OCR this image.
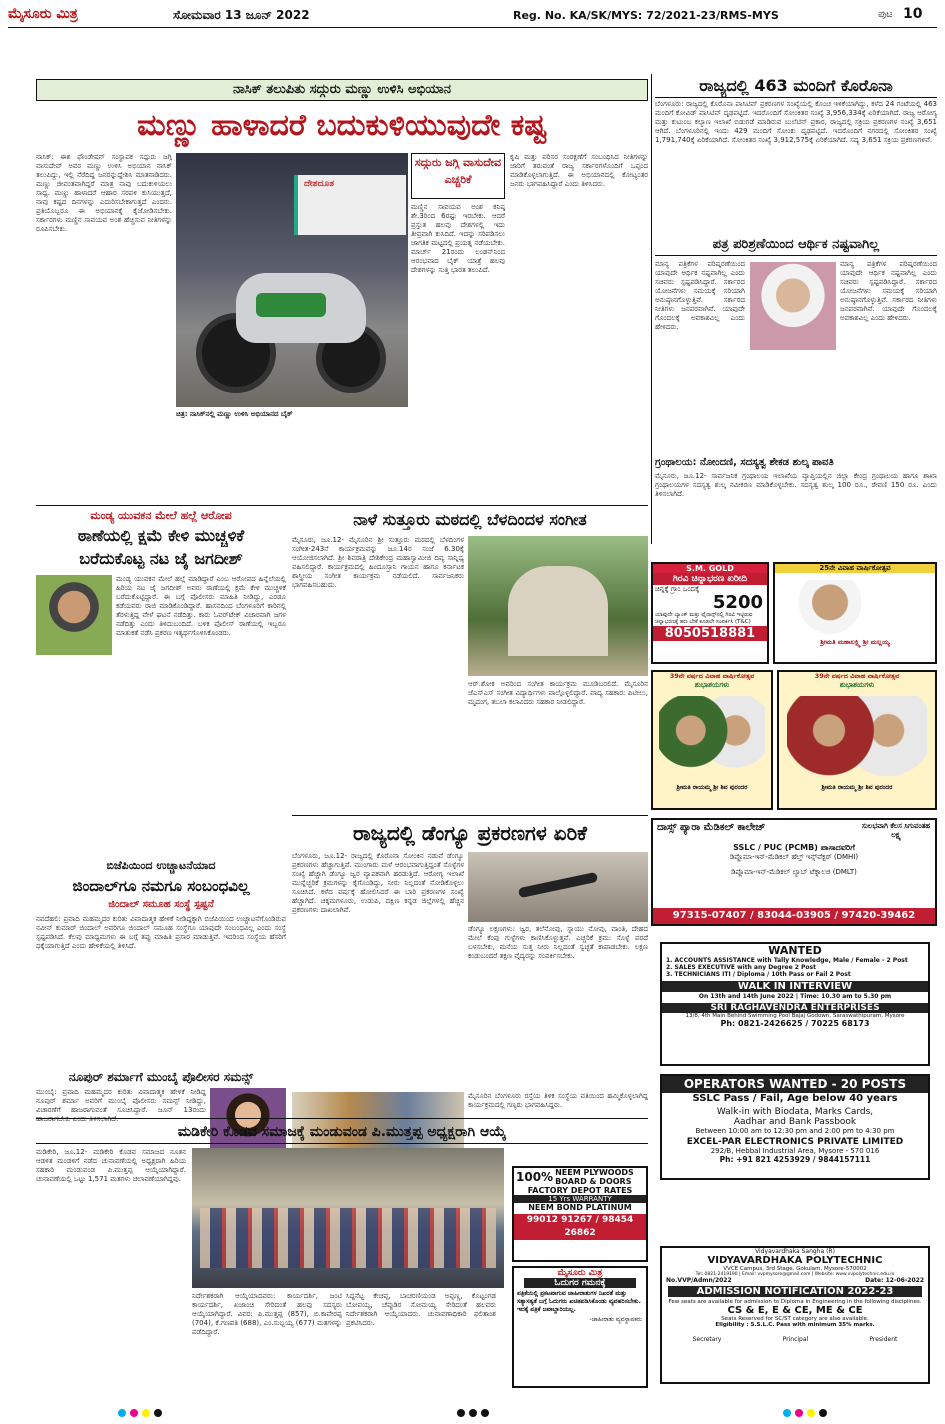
ಮೈಸೂರು ಮಿತ್ರ	ಸೋಮವಾರ 13 ಜೂನ್ 2022	Reg. No. KA/SK/MYS: 72/2021-23/RMS-MYS	ಪುಟ 10
ನಾಸಿಕ್ ತಲುಪಿತು ಸದ್ಗುರು ಮಣ್ಣು ಉಳಿಸಿ ಅಭಿಯಾನ
ಮಣ್ಣು ಹಾಳಾದರೆ ಬದುಕುಳಿಯುವುದೇ ಕಷ್ಟ
ನಾಸಿಕ್: ಈಶ ಫೌಂಡೇಷನ್ ಸಂಸ್ಥಾಪಕ ಸದ್ಗುರು ಜಗ್ಗಿ ವಾಸುದೇವ್ ಅವರ ಮಣ್ಣು ಉಳಿಸಿ ಅಭಿಯಾನ ನಾಸಿಕ್ ತಲುಪಿದ್ದು, ಇಲ್ಲಿ ನೆರೆದಿದ್ದ ಜನರನ್ನುದ್ದೇಶಿಸಿ ಮಾತನಾಡಿದರು. ಮಣ್ಣು ಜೀವಂತವಾಗಿದ್ದರೆ ಮಾತ್ರ ನಾವು ಬದುಕುಳಿಯಲು ಸಾಧ್ಯ. ಮಣ್ಣು ಹಾಳಾದರೆ ಆಹಾರ ಸರಪಳಿ ಕುಸಿಯುತ್ತದೆ, ನಾವು ಕಷ್ಟದ ದಿನಗಳನ್ನು ಎದುರಿಸಬೇಕಾಗುತ್ತದೆ ಎಂದರು. ಪ್ರತಿಯೊಬ್ಬರೂ ಈ ಅಭಿಯಾನಕ್ಕೆ ಕೈಜೋಡಿಸಬೇಕು. ಸರ್ಕಾರಗಳು ಮಣ್ಣಿನ ಸಾವಯವ ಅಂಶ ಹೆಚ್ಚಿಸುವ ನೀತಿಗಳನ್ನು ರೂಪಿಸಬೇಕು.
ದೇಶದೂತ
ಸದ್ಗುರು ಜಗ್ಗಿ ವಾಸುದೇವ ಎಚ್ಚರಿಕೆ
ಮಣ್ಣಿನ ಸಾವಯವ ಅಂಶ ಕನಿಷ್ಠ ಶೇ.3ರಿಂದ 6ರಷ್ಟು ಇರಬೇಕು. ಆದರೆ ಪ್ರಸ್ತುತ ಹಲವು ದೇಶಗಳಲ್ಲಿ ಇದು ತೀವ್ರವಾಗಿ ಕುಸಿದಿದೆ. ಇದನ್ನು ಸರಿಪಡಿಸಲು ಜಾಗತಿಕ ಮಟ್ಟದಲ್ಲಿ ಪ್ರಯತ್ನ ನಡೆಯಬೇಕು. ಮಾರ್ಚ್ 21ರಂದು ಲಂಡನ್‌ನಿಂದ ಆರಂಭವಾದ ಬೈಕ್ ಯಾತ್ರೆ ಹಲವು ದೇಶಗಳನ್ನು ಸುತ್ತಿ ಭಾರತ ತಲುಪಿದೆ.
ಕೃಷಿ ಮತ್ತು ಪರಿಸರ ಸಂರಕ್ಷಣೆಗೆ ಸಂಬಂಧಿಸಿದ ನೀತಿಗಳನ್ನು ಜಾರಿಗೆ ತರುವಂತೆ ರಾಜ್ಯ ಸರ್ಕಾರಗಳೊಂದಿಗೆ ಒಪ್ಪಂದ ಮಾಡಿಕೊಳ್ಳಲಾಗುತ್ತಿದೆ. ಈ ಅಭಿಯಾನದಲ್ಲಿ ಕೋಟ್ಯಂತರ ಜನರು ಭಾಗವಹಿಸಿದ್ದಾರೆ ಎಂದು ತಿಳಿಸಿದರು.
ಚಿತ್ರ: ನಾಸಿಕ್‌ನಲ್ಲಿ ಮಣ್ಣು ಉಳಿಸಿ ಅಭಿಯಾನದ ಬೈಕ್
ರಾಜ್ಯದಲ್ಲಿ 463 ಮಂದಿಗೆ ಕೊರೊನಾ
ಬೆಂಗಳೂರು: ರಾಜ್ಯದಲ್ಲಿ ಕೊರೊನಾ ಪಾಸಿಟಿವ್ ಪ್ರಕರಣಗಳ ಸಂಖ್ಯೆಯಲ್ಲಿ ಕೊಂಚ ಇಳಿಕೆಯಾಗಿದ್ದು, ಕಳೆದ 24 ಗಂಟೆಯಲ್ಲಿ 463 ಮಂದಿಗೆ ಕೋವಿಡ್ ಪಾಸಿಟಿವ್ ದೃಢಪಟ್ಟಿದೆ. ಇದರೊಂದಿಗೆ ಸೋಂಕಿತರ ಸಂಖ್ಯೆ 3,956,334ಕ್ಕೆ ಏರಿಕೆಯಾಗಿದೆ. ರಾಜ್ಯ ಆರೋಗ್ಯ ಮತ್ತು ಕುಟುಂಬ ಕಲ್ಯಾಣ ಇಲಾಖೆ ಬಿಡುಗಡೆ ಮಾಡಿರುವ ಬುಲೆಟಿನ್ ಪ್ರಕಾರ, ರಾಜ್ಯದಲ್ಲಿ ಸಕ್ರಿಯ ಪ್ರಕರಣಗಳ ಸಂಖ್ಯೆ 3,651 ಆಗಿದೆ. ಬೆಂಗಳೂರಿನಲ್ಲಿ ಇಂದು 429 ಮಂದಿಗೆ ಸೋಂಕು ದೃಢಪಟ್ಟಿದೆ. ಇದರೊಂದಿಗೆ ನಗರದಲ್ಲಿ ಸೋಂಕಿತರ ಸಂಖ್ಯೆ 1,791,740ಕ್ಕೆ ಏರಿಕೆಯಾಗಿದೆ. ಸೋಂಕಿತರ ಸಂಖ್ಯೆ 3,912,575ಕ್ಕೆ ಏರಿಕೆಯಾಗಿದೆ. ಸದ್ಯ 3,651 ಸಕ್ರಿಯ ಪ್ರಕರಣಗಳಿವೆ.
ಪತ್ರ ಪರಿಶ್ರಣೆಯಿಂದ ಆರ್ಥಿಕ ನಷ್ಟವಾಗಿಲ್ಲ
ಮಾನ್ಯ ಪತ್ರಿಕೆಗಳ ಪರಿಷ್ಕರಣೆಯಿಂದ ಯಾವುದೇ ಆರ್ಥಿಕ ನಷ್ಟವಾಗಿಲ್ಲ ಎಂದು ಸಚಿವರು ಸ್ಪಷ್ಟಪಡಿಸಿದ್ದಾರೆ. ಸರ್ಕಾರದ ಯೋಜನೆಗಳು ಸಮಯಕ್ಕೆ ಸರಿಯಾಗಿ ಅನುಷ್ಠಾನಗೊಳ್ಳುತ್ತಿವೆ. ಸರ್ಕಾರದ ನೀತಿಗಳು ಜನಪರವಾಗಿವೆ. ಯಾವುದೇ ಗೊಂದಲಕ್ಕೆ ಅವಕಾಶವಿಲ್ಲ ಎಂದು ಹೇಳಿದರು.
ಮಾನ್ಯ ಪತ್ರಿಕೆಗಳ ಪರಿಷ್ಕರಣೆಯಿಂದ ಯಾವುದೇ ಆರ್ಥಿಕ ನಷ್ಟವಾಗಿಲ್ಲ ಎಂದು ಸಚಿವರು ಸ್ಪಷ್ಟಪಡಿಸಿದ್ದಾರೆ. ಸರ್ಕಾರದ ಯೋಜನೆಗಳು ಸಮಯಕ್ಕೆ ಸರಿಯಾಗಿ ಅನುಷ್ಠಾನಗೊಳ್ಳುತ್ತಿವೆ. ಸರ್ಕಾರದ ನೀತಿಗಳು ಜನಪರವಾಗಿವೆ. ಯಾವುದೇ ಗೊಂದಲಕ್ಕೆ ಅವಕಾಶವಿಲ್ಲ ಎಂದು ಹೇಳಿದರು.
ಗ್ರಂಥಾಲಯ: ನೋಂದಣಿ, ಸದಸ್ಯತ್ವ ಶೇಕಡ ಶುಲ್ಕ ಪಾವತಿ
ಮೈಸೂರು, ಜೂ.12- ಸಾರ್ವಜನಿಕ ಗ್ರಂಥಾಲಯ ಇಲಾಖೆಯ ವ್ಯಾಪ್ತಿಯಲ್ಲಿನ ಜಿಲ್ಲಾ ಕೇಂದ್ರ ಗ್ರಂಥಾಲಯ ಹಾಗೂ ಶಾಖಾ ಗ್ರಂಥಾಲಯಗಳ ಸದಸ್ಯತ್ವ ಶುಲ್ಕ ನವೀಕರಣ ಮಾಡಿಕೊಳ್ಳಬೇಕು. ಸದಸ್ಯತ್ವ ಶುಲ್ಕ 100 ರೂ., ಠೇವಣಿ 150 ರೂ. ಎಂದು ತಿಳಿಸಲಾಗಿದೆ.
ಮಂಡ್ಯ ಯುವಕನ ಮೇಲೆ ಹಲ್ಲೆ ಆರೋಪ
ಠಾಣೆಯಲ್ಲಿ ಕ್ಷಮೆ ಕೇಳಿ ಮುಚ್ಚಳಿಕೆ
ಬರೆದುಕೊಟ್ಟ ನಟ ಜೈ ಜಗದೀಶ್
ಮಂಡ್ಯ ಯುವಕನ ಮೇಲೆ ಹಲ್ಲೆ ಮಾಡಿದ್ದಾರೆ ಎಂಬ ಆರೋಪದ ಹಿನ್ನೆಲೆಯಲ್ಲಿ ಹಿರಿಯ ನಟ ಜೈ ಜಗದೀಶ್ ಅವರು ಠಾಣೆಯಲ್ಲಿ ಕ್ಷಮೆ ಕೇಳಿ ಮುಚ್ಚಳಿಕೆ ಬರೆದುಕೊಟ್ಟಿದ್ದಾರೆ. ಈ ಬಗ್ಗೆ ಪೊಲೀಸರು ಮಾಹಿತಿ ನೀಡಿದ್ದು, ಎರಡೂ ಕಡೆಯವರು ರಾಜಿ ಮಾಡಿಕೊಂಡಿದ್ದಾರೆ. ಹಾಸನದಿಂದ ಬೆಂಗಳೂರಿಗೆ ಕಾರಿನಲ್ಲಿ ತೆರಳುತ್ತಿದ್ದ ವೇಳೆ ಘಟನೆ ನಡೆದಿತ್ತು. ಕಾರು ಓವರ್‌ಟೇಕ್ ವಿಚಾರವಾಗಿ ಜಗಳ ನಡೆದಿತ್ತು ಎಂದು ತಿಳಿದುಬಂದಿದೆ. ಬಳಿಕ ಪೊಲೀಸ್ ಠಾಣೆಯಲ್ಲಿ ಇಬ್ಬರೂ ಮಾತುಕತೆ ನಡೆಸಿ ಪ್ರಕರಣ ಇತ್ಯರ್ಥಗೊಳಿಸಿಕೊಂಡರು.
ಬಿಜೆಪಿಯಿಂದ ಉಚ್ಚಾಟನೆಯಾದ
ಜಿಂದಾಲ್‌ಗೂ ನಮಗೂ ಸಂಬಂಧವಿಲ್ಲ
ಜಿಂದಾಲ್ ಸಮೂಹ ಸಂಸ್ಥೆ ಸ್ಪಷ್ಟನೆ
ನವದೆಹಲಿ: ಪ್ರವಾದಿ ಮಹಮ್ಮದರ ಕುರಿತು ವಿವಾದಾತ್ಮಕ ಹೇಳಿಕೆ ನೀಡಿದ್ದಕ್ಕಾಗಿ ಬಿಜೆಪಿಯಿಂದ ಉಚ್ಚಾಟನೆಗೊಂಡಿರುವ ನವೀನ್ ಕುಮಾರ್ ಜಿಂದಾಲ್ ಅವರಿಗೂ ಜಿಂದಾಲ್ ಸಮೂಹ ಸಂಸ್ಥೆಗೂ ಯಾವುದೇ ಸಂಬಂಧವಿಲ್ಲ ಎಂದು ಸಂಸ್ಥೆ ಸ್ಪಷ್ಟಪಡಿಸಿದೆ. ಕೆಲವು ಮಾಧ್ಯಮಗಳು ಈ ಬಗ್ಗೆ ತಪ್ಪು ಮಾಹಿತಿ ಪ್ರಸಾರ ಮಾಡುತ್ತಿವೆ. ಇದರಿಂದ ಸಂಸ್ಥೆಯ ಹೆಸರಿಗೆ ಧಕ್ಕೆಯಾಗುತ್ತಿದೆ ಎಂದು ಹೇಳಿಕೆಯಲ್ಲಿ ತಿಳಿಸಿದೆ.
ನೂಪುರ್ ಶರ್ಮಾಗೆ ಮುಂಬೈ ಪೊಲೀಸರ ಸಮನ್ಸ್
ಮುಂಬೈ: ಪ್ರವಾದಿ ಮಹಮ್ಮದರ ಕುರಿತು ವಿವಾದಾತ್ಮಕ ಹೇಳಿಕೆ ನೀಡಿದ್ದ ನೂಪುರ್ ಶರ್ಮಾ ಅವರಿಗೆ ಮುಂಬೈ ಪೊಲೀಸರು ಸಮನ್ಸ್ ನೀಡಿದ್ದು, ವಿಚಾರಣೆಗೆ ಹಾಜರಾಗುವಂತೆ ಸೂಚಿಸಿದ್ದಾರೆ. ಜೂನ್ 13ರಂದು ಹಾಜರಾಗಬೇಕು ಎಂದು ತಿಳಿಸಲಾಗಿದೆ.
ನಾಳೆ ಸುತ್ತೂರು ಮಠದಲ್ಲಿ ಬೆಳದಿಂದಳ ಸಂಗೀತ
ಮೈಸೂರು, ಜೂ.12- ಮೈಸೂರಿನ ಶ್ರೀ ಸುತ್ತೂರು ಮಠದಲ್ಲಿ ಬೆಳದಿಂಗಳ ಸಂಗೀತ-243ನೆ ಕಾರ್ಯಕ್ರಮವನ್ನು ಜೂ.14ರ ಸಂಜೆ 6.30ಕ್ಕೆ ಆಯೋಜಿಸಲಾಗಿದೆ. ಶ್ರೀ ಶಿವರಾತ್ರಿ ದೇಶಿಕೇಂದ್ರ ಮಹಾಸ್ವಾಮೀಜಿ ದಿವ್ಯ ಸಾನ್ನಿಧ್ಯ ವಹಿಸಲಿದ್ದಾರೆ. ಕಾರ್ಯಕ್ರಮದಲ್ಲಿ ಹಿಂದೂಸ್ತಾನಿ ಗಾಯನ ಹಾಗೂ ಕರ್ನಾಟಕ ಶಾಸ್ತ್ರೀಯ ಸಂಗೀತ ಕಾರ್ಯಕ್ರಮ ನಡೆಯಲಿದೆ. ಸಾರ್ವಜನಿಕರು ಭಾಗವಹಿಸಬಹುದು.
ಆರ್.ಶೋಕ ಅವರಿಂದ ಸಂಗೀತ ಕಾರ್ಯಕ್ರಮ ಮೂಡಿಬರಲಿದೆ. ಮೈಸೂರಿನ ಜೆಎಸ್‌ಎಸ್ ಸಂಗೀತ ವಿದ್ಯಾರ್ಥಿಗಳು ಪಾಲ್ಗೊಳ್ಳಲಿದ್ದಾರೆ. ವಾದ್ಯ ಸಹಕಾರ: ಪಿಟೀಲು, ಮೃದಂಗ, ತಬಲಾ ಕಲಾವಿದರು ಸಹಕಾರ ನೀಡಲಿದ್ದಾರೆ.
ರಾಜ್ಯದಲ್ಲಿ ಡೆಂಗ್ಯೂ ಪ್ರಕರಣಗಳ ಏರಿಕೆ
ಬೆಂಗಳೂರು, ಜೂ.12- ರಾಜ್ಯದಲ್ಲಿ ಕೊರೊನಾ ಸೋಂಕಿನ ನಡುವೆ ಡೆಂಗ್ಯೂ ಪ್ರಕರಣಗಳು ಹೆಚ್ಚಾಗುತ್ತಿವೆ. ಮುಂಗಾರು ಮಳೆ ಆರಂಭವಾಗುತ್ತಿದ್ದಂತೆ ಸೊಳ್ಳೆಗಳ ಸಂಖ್ಯೆ ಹೆಚ್ಚಾಗಿ ಡೆಂಗ್ಯೂ ಜ್ವರ ವ್ಯಾಪಕವಾಗಿ ಹರಡುತ್ತಿದೆ. ಆರೋಗ್ಯ ಇಲಾಖೆ ಮುನ್ನೆಚ್ಚರಿಕೆ ಕ್ರಮಗಳನ್ನು ಕೈಗೊಂಡಿದ್ದು, ನೀರು ನಿಲ್ಲದಂತೆ ನೋಡಿಕೊಳ್ಳಲು ಸೂಚಿಸಿದೆ. ಕಳೆದ ವರ್ಷಕ್ಕೆ ಹೋಲಿಸಿದರೆ ಈ ಬಾರಿ ಪ್ರಕರಣಗಳ ಸಂಖ್ಯೆ ಹೆಚ್ಚಾಗಿದೆ. ಚಿಕ್ಕಮಗಳೂರು, ಉಡುಪಿ, ದಕ್ಷಿಣ ಕನ್ನಡ ಜಿಲ್ಲೆಗಳಲ್ಲಿ ಹೆಚ್ಚಿನ ಪ್ರಕರಣಗಳು ದಾಖಲಾಗಿವೆ.
ಡೆಂಗ್ಯೂ ಲಕ್ಷಣಗಳು: ಜ್ವರ, ತಲೆನೋವು, ಸ್ನಾಯು ನೋವು, ವಾಂತಿ, ದೇಹದ ಮೇಲೆ ಕೆಂಪು ಗುಳ್ಳೆಗಳು ಕಾಣಿಸಿಕೊಳ್ಳುತ್ತವೆ. ಎಚ್ಚರಿಕೆ ಕ್ರಮ: ಸೊಳ್ಳೆ ಪರದೆ ಬಳಸಬೇಕು, ಮನೆಯ ಸುತ್ತ ನೀರು ನಿಲ್ಲದಂತೆ ಸ್ವಚ್ಛತೆ ಕಾಪಾಡಬೇಕು. ಲಕ್ಷಣ ಕಂಡುಬಂದರೆ ತಕ್ಷಣ ವೈದ್ಯರನ್ನು ಸಂಪರ್ಕಿಸಬೇಕು.
ಮೈಸೂರಿನ ಬೆಂಗಳೂರು ರಸ್ತೆಯ ತಿಳಿಕ ಸಂಸ್ಥೆಯ ವತಿಯಿಂದ ಹಮ್ಮಿಕೊಳ್ಳಲಾಗಿದ್ದ ಕಾರ್ಯಕ್ರಮದಲ್ಲಿ ಗಣ್ಯರು ಭಾಗವಹಿಸಿದ್ದರು.
S.M. GOLD
ಗಿರವಿ ಚಿನ್ನಾಭರಣ ಖರೀದಿ
ಚಿನ್ನಕ್ಕೆ ಗ್ರಾಂ ಒಂದಕ್ಕೆ
5200
ಯಾವುದೇ ಬ್ಯಾಂಕ್ ಮತ್ತು ಫೈನಾನ್ಸ್‌ನಲ್ಲಿ ಗಿರವಿ ಇಟ್ಟಿರುವ ಚಿನ್ನಾಭರಣಕ್ಕೆ ಹಣ ಬೇಕೆ ಕೂಡಲೇ ಸಂಪರ್ಕಿಸಿ (T&C)
8050518881
25ನೇ ವಿವಾಹ ವಾರ್ಷಿಕೋತ್ಸವ
ಶ್ರೀಮತಿ ಮಹಾಲಕ್ಷ್ಮಿ ಶ್ರೀ ಮಲ್ಲಯ್ಯ
39ನೇ ವರ್ಷದ ವಿವಾಹ ವಾರ್ಷಿಕೋತ್ಸವ
ಶುಭಾಶಯಗಳು
ಶ್ರೀಮತಿ ರಾಯಮ್ಮ ಶ್ರೀ ಶಿವ ಪುರಂದರ
39ನೇ ವರ್ಷದ ವಿವಾಹ ವಾರ್ಷಿಕೋತ್ಸವ
ಶುಭಾಶಯಗಳು
ಶ್ರೀಮತಿ ರಾಯಮ್ಮ ಶ್ರೀ ಶಿವ ಪುರಂದರ
ದಾಸ್ಸ್ ಪ್ಯಾರಾ ಮೆಡಿಕಲ್ ಕಾಲೇಜ್	ಸುಲಭವಾಗಿ ಕೆಲಸ ಸಿಗುವಂತಹ ಲಕ್ಷ್ಯ
SSLC / PUC (PCMB) ಪಾಸಾದವರಿಗೆ
ಡಿಪ್ಲೊಮಾ-ಇನ್-ಮೆಡಿಕಲ್ ಹೆಲ್ತ್ ಇನ್ಸ್‌ಪೆಕ್ಟರ್ (DMHI)
ಡಿಪ್ಲೊಮಾ-ಇನ್-ಮೆಡಿಕಲ್ ಲ್ಯಾಬ್ ಟೆಕ್ನಾಲಜಿ (DMLT)
97315-07407 / 83044-03905 / 97420-39462
WANTED
1. ACCOUNTS ASSISTANCE with Tally Knowledge, Male / Female - 2 Post
2. SALES EXECUTIVE with any Degree 2 Post
3. TECHNICIANS ITI / Diploma / 10th Pass or Fail 2 Post
WALK IN INTERVIEW
On 13th and 14th June 2022 | Time: 10.30 am to 5.30 pm
SRI RAGHAVENDRA ENTERPRISES
13/8, 4th Main Behind Swimming Pool Bajaj Godown, Saraswathipuram, Mysore
Ph: 0821-2426625 / 70225 68173
OPERATORS WANTED - 20 POSTS
SSLC Pass / Fail, Age below 40 years
Walk-in with Biodata, Marks Cards,
Aadhar and Bank Passbook
Between 10:00 am to 12:30 pm and 2:00 pm to 4:30 pm
EXCEL-PAR ELECTRONICS PRIVATE LIMITED
292/B, Hebbal Industrial Area, Mysore - 570 016
Ph: +91 821 4253929 / 9844157111
Vidyavardhaka Sangha (R)
VIDYAVARDHAKA POLYTECHNIC
VVCE Campus, 3rd Stage, Gokulam, Mysore-570002
Tel: 0821-2419190 | Email: vvpmysore@gmail.com | Website: www.vvpolytechnic.edu.in
No.VVP/Admn/2022	Date: 12-06-2022
ADMISSION NOTIFICATION 2022-23
Few seats are available for admission to Diploma in Engineering in the following disciplines.
CS & E, E & CE, ME & CE
Seats Reserved for SC/ST category are also available.
Eligibility : S.S.L.C. Pass with minimum 35% marks.
Secretary	Principal	President
ಮಡಿಕೇರಿ ಕೊಡವ ಸಮಾಜಕ್ಕೆ ಮಂಡುವಂಡ ಪಿ.ಮುತ್ತಪ್ಪ ಅಧ್ಯಕ್ಷರಾಗಿ ಆಯ್ಕೆ
ಮಡಿಕೇರಿ, ಜೂ.12- ಮಡಿಕೇರಿ ಕೊಡವ ಸಮಾಜದ ನೂತನ ಆಡಳಿತ ಮಂಡಳಿಗೆ ನಡೆದ ಚುನಾವಣೆಯಲ್ಲಿ ಅಧ್ಯಕ್ಷರಾಗಿ ಹಿರಿಯ ಸಹಕಾರಿ ಮಂಡುವಂಡ ಪಿ.ಮುತ್ತಪ್ಪ ಆಯ್ಕೆಯಾಗಿದ್ದಾರೆ. ಚುನಾವಣೆಯಲ್ಲಿ ಒಟ್ಟು 1,571 ಮತಗಳು ಚಲಾವಣೆಯಾಗಿದ್ದವು.
ನಿರ್ದೇಶಕರಾಗಿ ಆಯ್ಕೆಯಾದವರು: ಕಾರ್ಯದರ್ಶಿ, ಜಂಟಿ ಕಾರ್ಯದರ್ಶಿ, ಖಜಾಂಚಿ ಸೇರಿದಂತೆ ಹಲವು ಸದಸ್ಯರು ಆಯ್ಕೆಯಾಗಿದ್ದಾರೆ. ವಿವರ: ಪಿ.ಮುತ್ತಪ್ಪ (857), ಬಿ.ಕಾವೇರಪ್ಪ (704), ಕೆ.ಗಣಪತಿ (688), ಎಂ.ಸುಬ್ಬಯ್ಯ (677) ಮತಗಳನ್ನು ಪಡೆದಿದ್ದಾರೆ.
ಸಿದ್ದನೆಟ್ಟ ಕೇಚಪ್ಪ, ಬಾಚರಣಿಯಂಡ ಅಪ್ಪಣ್ಣ, ಕೊಟ್ಟಂಗಡ ಬೋಪಯ್ಯ, ಚೆಪ್ಪುಡಿರ ಸೋಮಯ್ಯ ಸೇರಿದಂತೆ ಹಲವರು ನಿರ್ದೇಶಕರಾಗಿ ಆಯ್ಕೆಯಾದರು. ಚುನಾವಣಾಧಿಕಾರಿ ಫಲಿತಾಂಶ ಪ್ರಕಟಿಸಿದರು.
100% NEEM PLYWOODS
BOARD & DOORS
FACTORY DEPOT RATES
15 Yrs WARRANTY
NEEM BOND PLATINUM
99012 91267 / 98454 26862
ಮೈಸೂರು ಮಿತ್ರ
ಓದುಗರ ಗಮನಕ್ಕೆ
ಪತ್ರಿಕೆಯಲ್ಲಿ ಪ್ರಕಟವಾಗುವ ಜಾಹೀರಾತುಗಳ ನಿಖರತೆ ಮತ್ತು ಸತ್ಯಾಸತ್ಯತೆ ಬಗ್ಗೆ ಓದುಗರು ಖಚಿತಪಡಿಸಿಕೊಂಡು ವ್ಯವಹರಿಸಬೇಕು. ಇದಕ್ಕೆ ಪತ್ರಿಕೆ ಜವಾಬ್ದಾರಿಯಲ್ಲ.
-ಜಾಹೀರಾತು ವ್ಯವಸ್ಥಾಪಕರು
